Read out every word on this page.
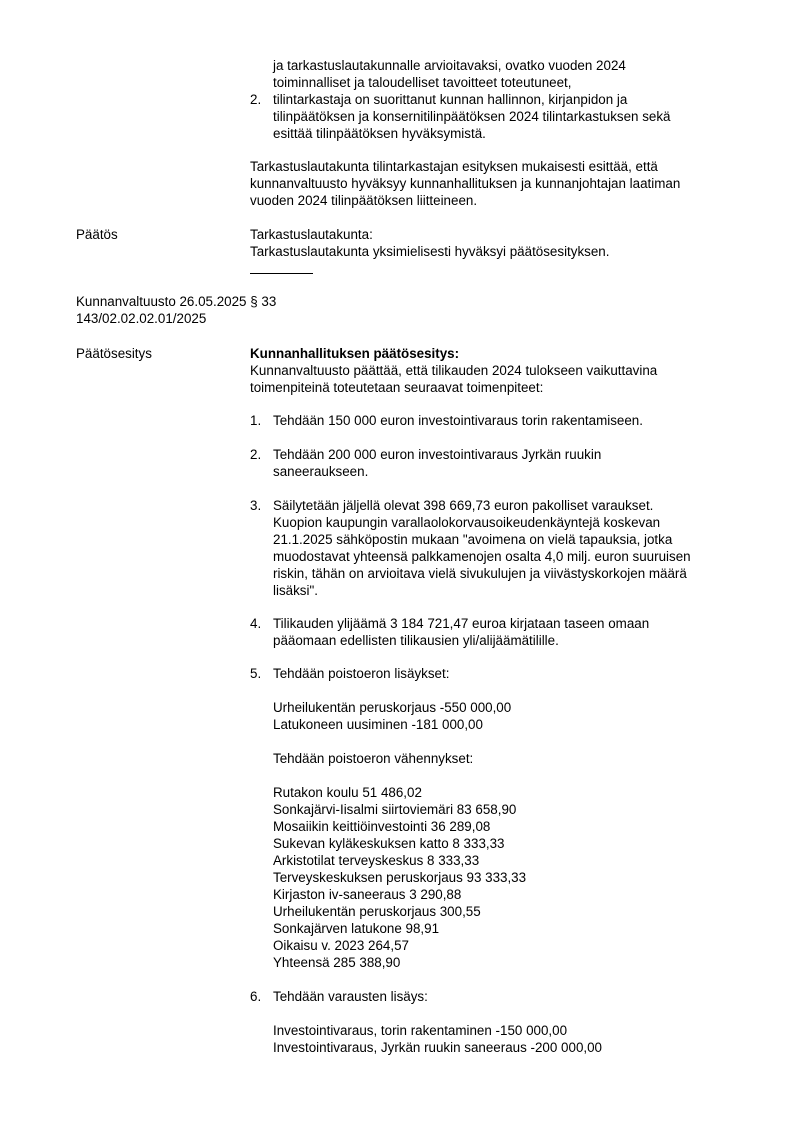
ja tarkastuslautakunnalle arvioitavaksi, ovatko vuoden 2024
toiminnalliset ja taloudelliset tavoitteet toteutuneet,
2. tilintarkastaja on suorittanut kunnan hallinnon, kirjanpidon ja
tilinpäätöksen ja konsernitilinpäätöksen 2024 tilintarkastuksen sekä
esittää tilinpäätöksen hyväksymistä.
Tarkastuslautakunta tilintarkastajan esityksen mukaisesti esittää, että
kunnanvaltuusto hyväksyy kunnanhallituksen ja kunnanjohtajan laatiman
vuoden 2024 tilinpäätöksen liitteineen.
Päätös	Tarkastuslautakunta:
Tarkastuslautakunta yksimielisesti hyväksyi päätösesityksen.
Kunnanvaltuusto 26.05.2025 § 33
143/02.02.02.01/2025
Päätösesitys	Kunnanhallituksen päätösesitys:
Kunnanvaltuusto päättää, että tilikauden 2024 tulokseen vaikuttavina
toimenpiteinä toteutetaan seuraavat toimenpiteet:
1. Tehdään 150 000 euron investointivaraus torin rakentamiseen.
2. Tehdään 200 000 euron investointivaraus Jyrkän ruukin
saneeraukseen.
3. Säilytetään jäljellä olevat 398 669,73 euron pakolliset varaukset.
Kuopion kaupungin varallaolokorvausoikeudenkäyntejä koskevan
21.1.2025 sähköpostin mukaan "avoimena on vielä tapauksia, jotka
muodostavat yhteensä palkkamenojen osalta 4,0 milj. euron suuruisen
riskin, tähän on arvioitava vielä sivukulujen ja viivästyskorkojen määrä
lisäksi".
4. Tilikauden ylijäämä 3 184 721,47 euroa kirjataan taseen omaan
pääomaan edellisten tilikausien yli/alijäämätilille.
5. Tehdään poistoeron lisäykset:
Urheilukentän peruskorjaus -550 000,00
Latukoneen uusiminen -181 000,00
Tehdään poistoeron vähennykset:
Rutakon koulu 51 486,02
Sonkajärvi-Iisalmi siirtoviemäri 83 658,90
Mosaiikin keittiöinvestointi 36 289,08
Sukevan kyläkeskuksen katto 8 333,33
Arkistotilat terveyskeskus 8 333,33
Terveyskeskuksen peruskorjaus 93 333,33
Kirjaston iv-saneeraus 3 290,88
Urheilukentän peruskorjaus 300,55
Sonkajärven latukone 98,91
Oikaisu v. 2023 264,57
Yhteensä 285 388,90
6. Tehdään varausten lisäys:
Investointivaraus, torin rakentaminen -150 000,00
Investointivaraus, Jyrkän ruukin saneeraus -200 000,00
